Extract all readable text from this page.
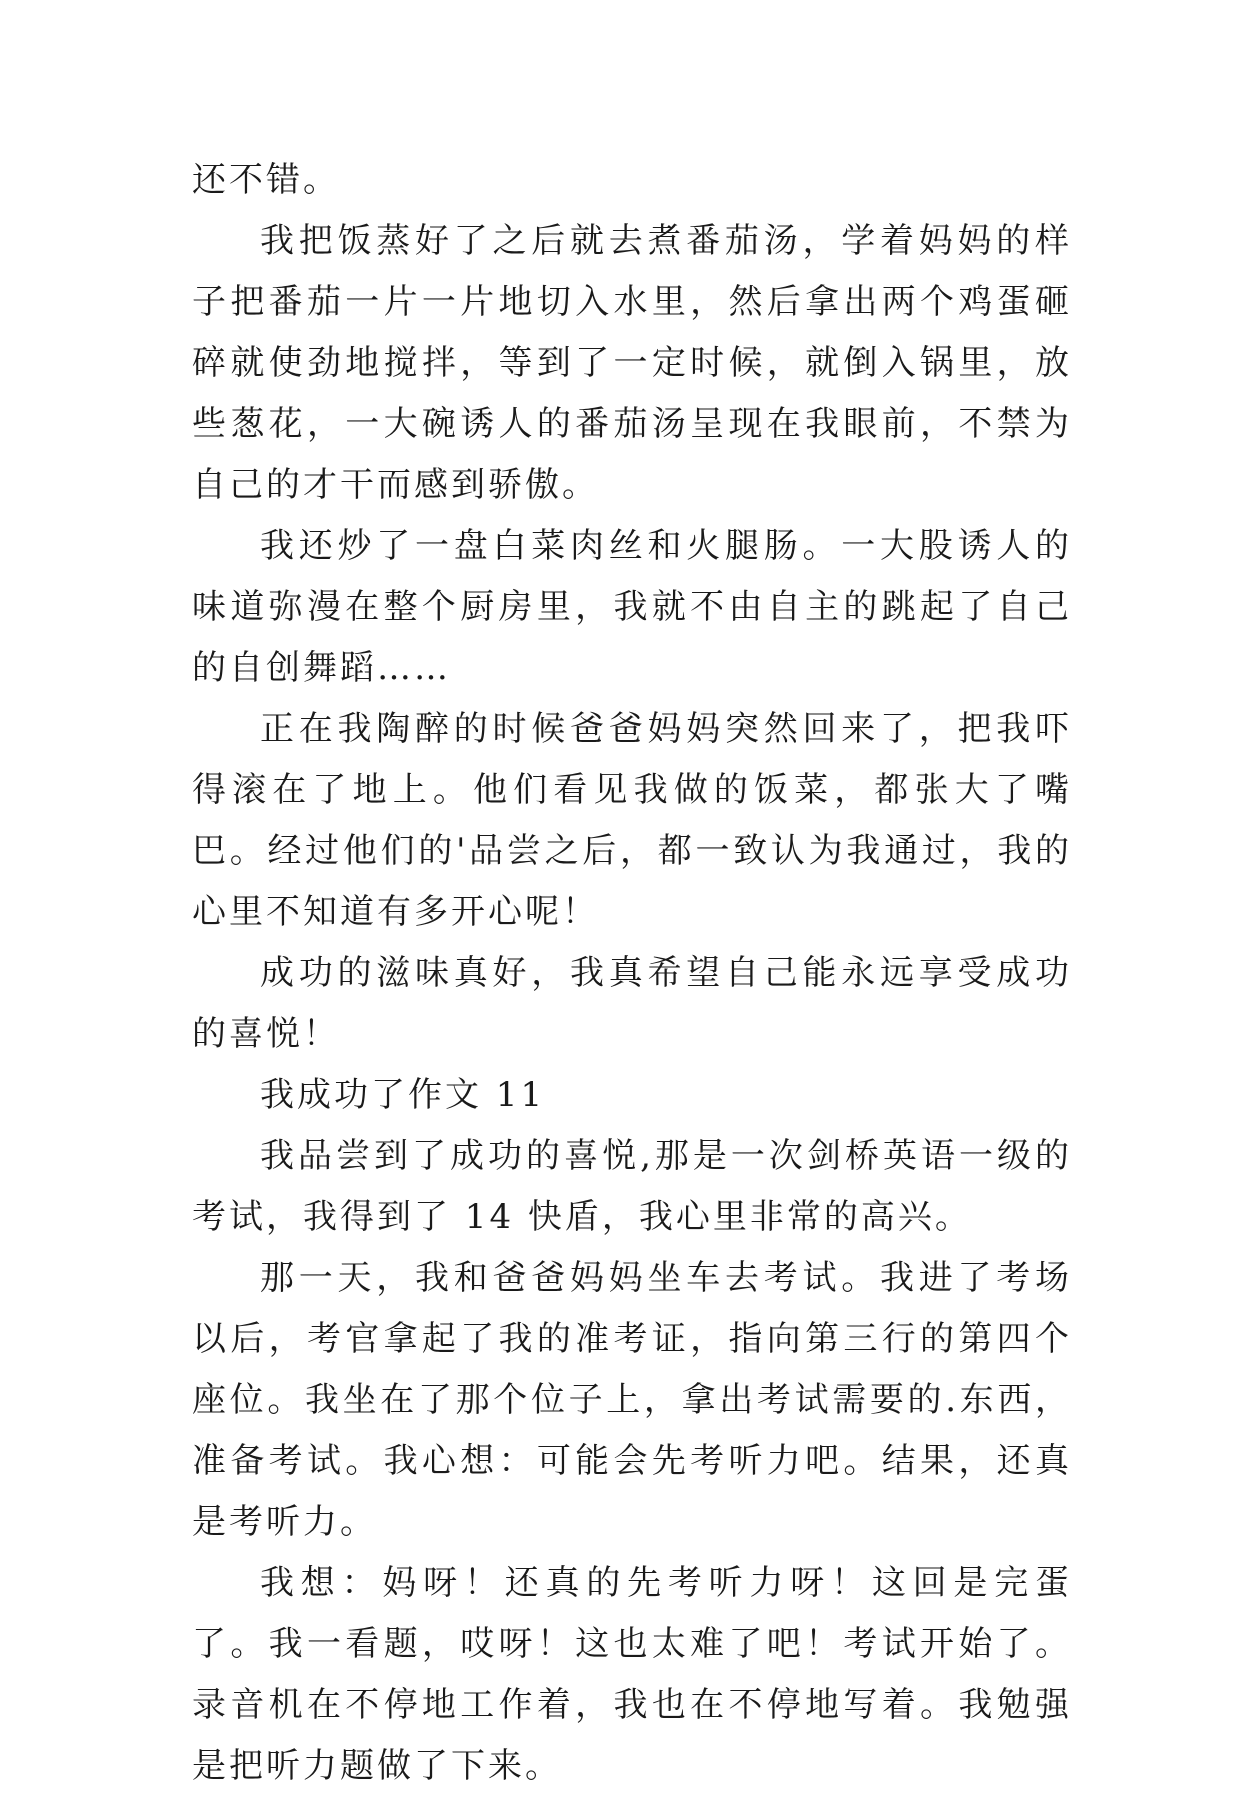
还不错。

我把饭蒸好了之后就去煮番茄汤，学着妈妈的样子把番茄一片一片地切入水里，然后拿出两个鸡蛋砸碎就使劲地搅拌，等到了一定时候，就倒入锅里，放些葱花，一大碗诱人的番茄汤呈现在我眼前，不禁为自己的才干而感到骄傲。

我还炒了一盘白菜肉丝和火腿肠。一大股诱人的味道弥漫在整个厨房里，我就不由自主的跳起了自己的自创舞蹈……

正在我陶醉的时候爸爸妈妈突然回来了，把我吓得滚在了地上。他们看见我做的饭菜，都张大了嘴巴。经过他们的'品尝之后，都一致认为我通过，我的心里不知道有多开心呢！

成功的滋味真好，我真希望自己能永远享受成功的喜悦！

我成功了作文 11

我品尝到了成功的喜悦,那是一次剑桥英语一级的考试，我得到了 14 快盾，我心里非常的高兴。

那一天，我和爸爸妈妈坐车去考试。我进了考场以后，考官拿起了我的准考证，指向第三行的第四个座位。我坐在了那个位子上，拿出考试需要的.东西，准备考试。我心想：可能会先考听力吧。结果，还真是考听力。

我想：妈呀！还真的先考听力呀！这回是完蛋了。我一看题，哎呀！这也太难了吧！考试开始了。录音机在不停地工作着，我也在不停地写着。我勉强是把听力题做了下来。
